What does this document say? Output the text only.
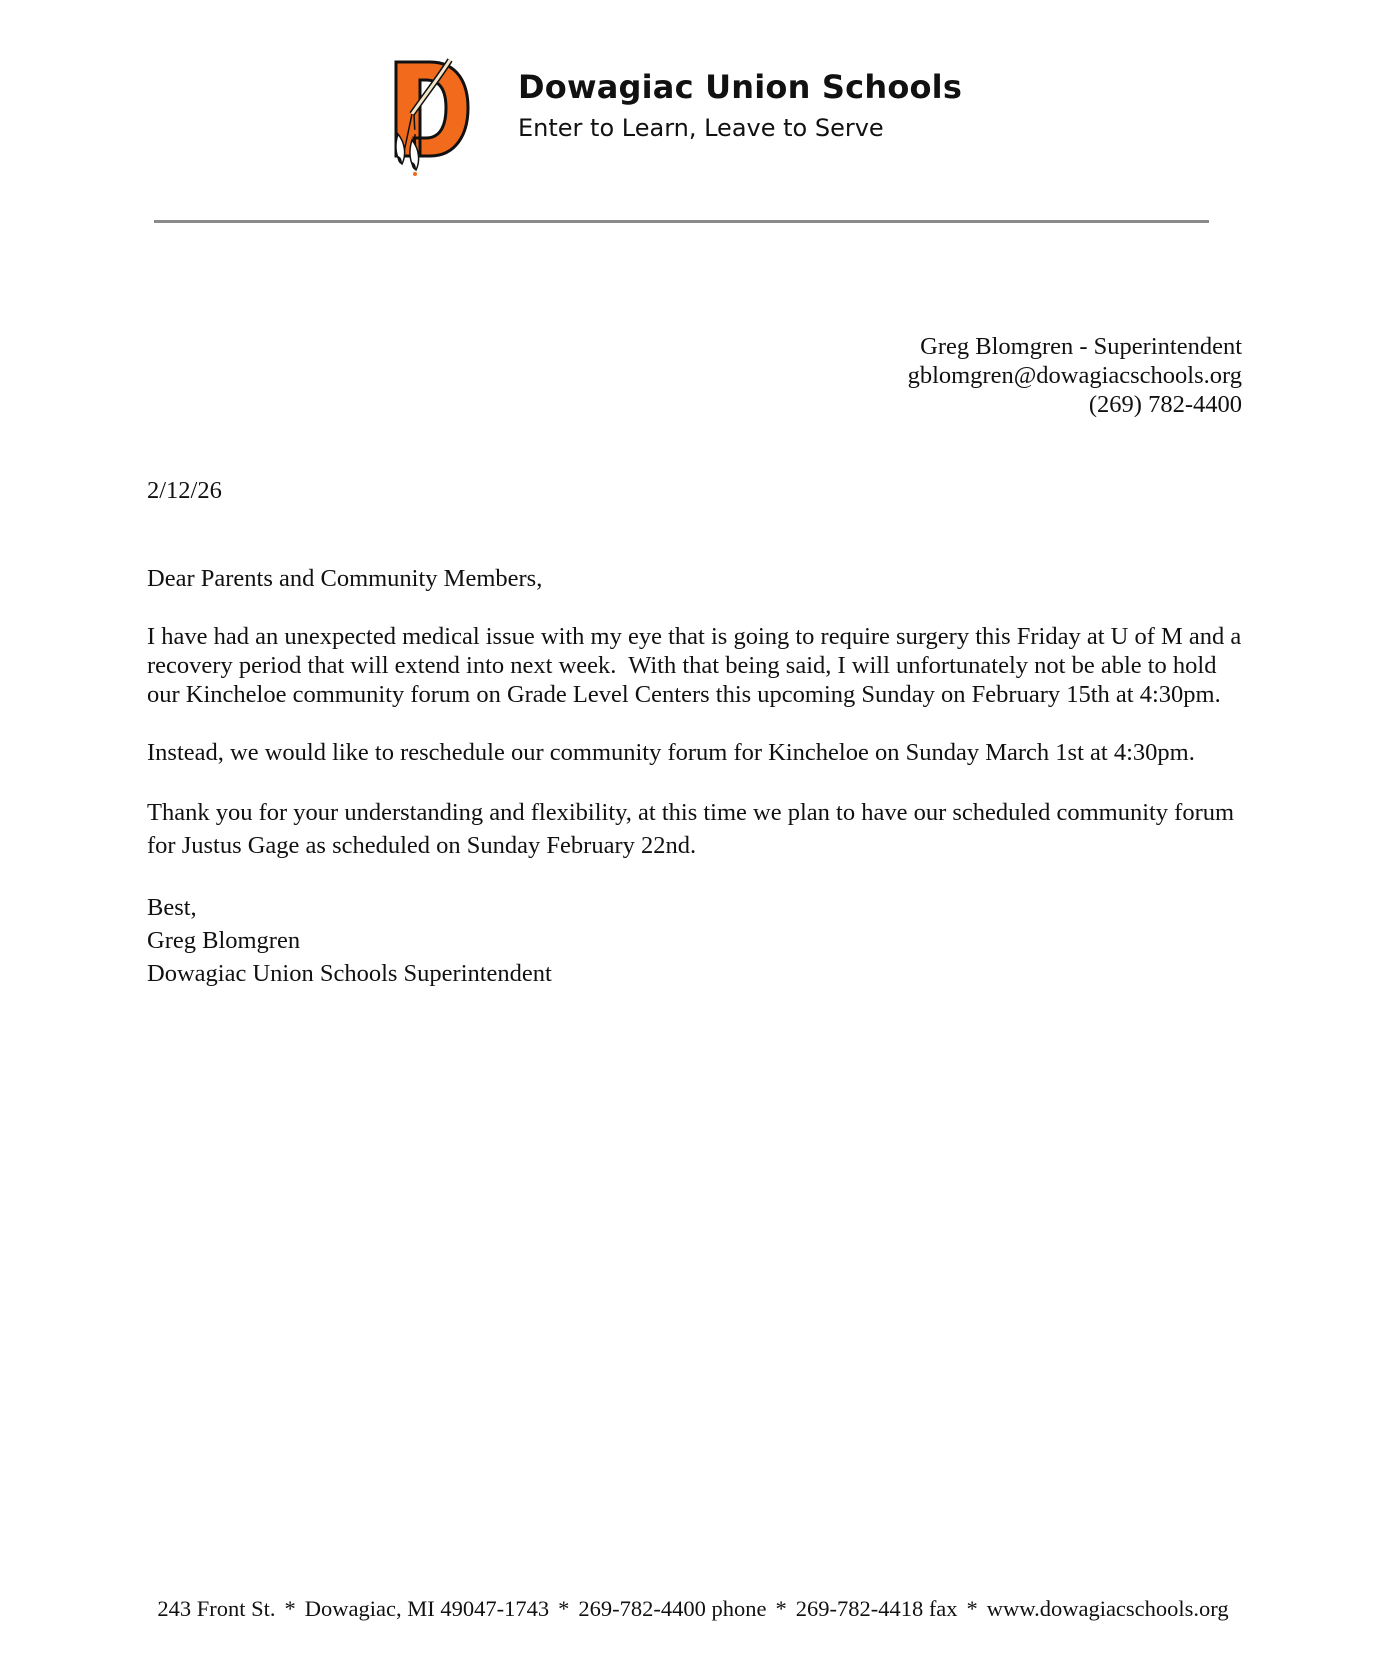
Dowagiac Union Schools
Enter to Learn, Leave to Serve
Greg Blomgren - Superintendent
gblomgren@dowagiacschools.org
(269) 782-4400
2/12/26

Dear Parents and Community Members,

I have had an unexpected medical issue with my eye that is going to require surgery this Friday at U of M and a recovery period that will extend into next week.  With that being said, I will unfortunately not be able to hold our Kincheloe community forum on Grade Level Centers this upcoming Sunday on February 15th at 4:30pm.

Instead, we would like to reschedule our community forum for Kincheloe on Sunday March 1st at 4:30pm.

Thank you for your understanding and flexibility, at this time we plan to have our scheduled community forum for Justus Gage as scheduled on Sunday February 22nd.

Best,
Greg Blomgren
Dowagiac Union Schools Superintendent
243 Front St. * Dowagiac, MI 49047-1743 * 269-782-4400 phone * 269-782-4418 fax * www.dowagiacschools.org
